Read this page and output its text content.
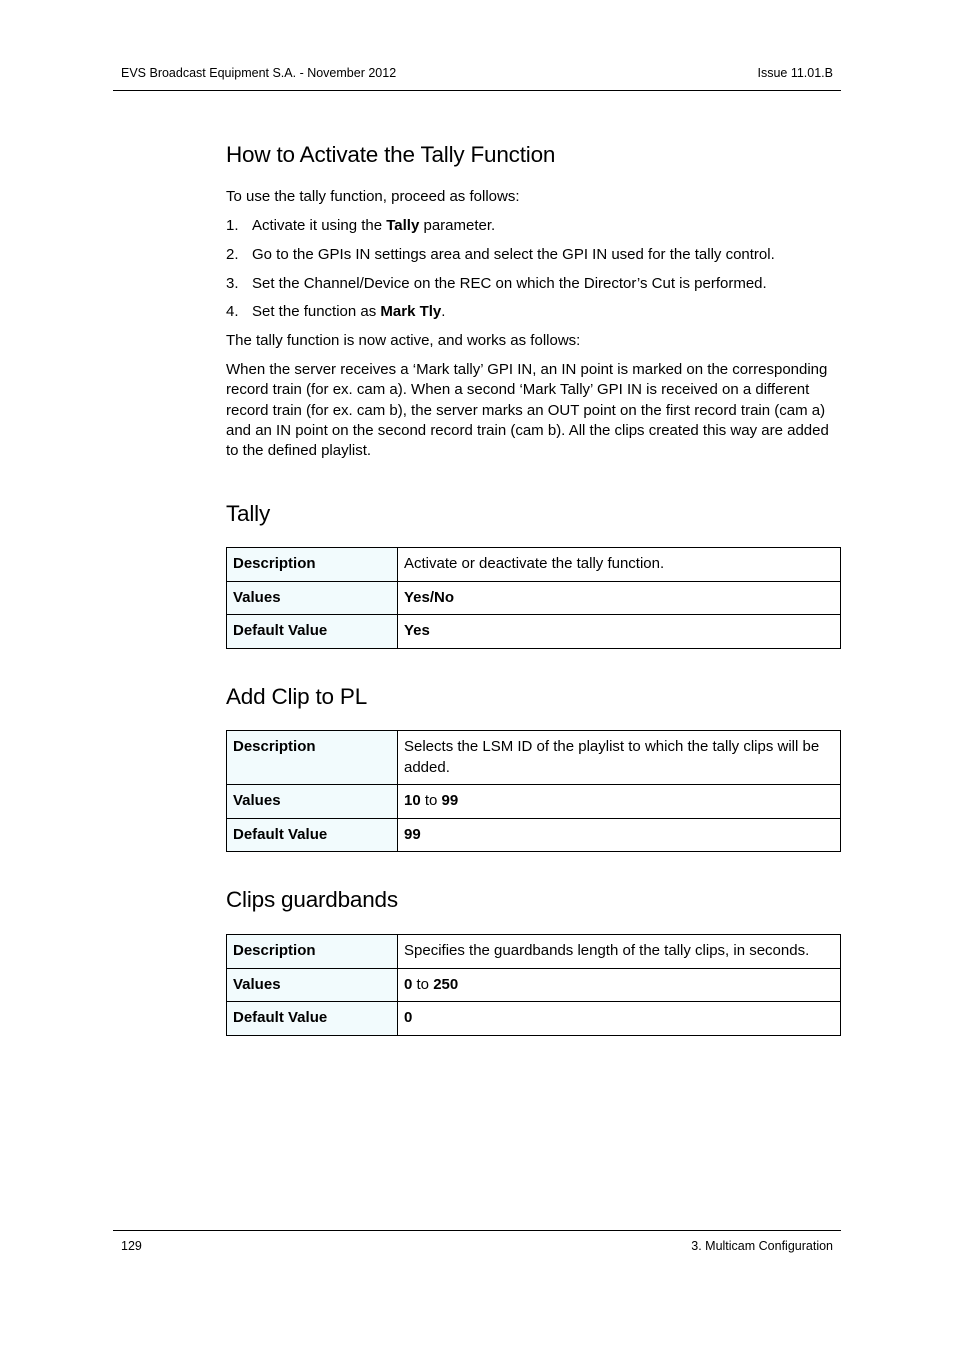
EVS Broadcast Equipment S.A. - November 2012	Issue 11.01.B
How to Activate the Tally Function

To use the tally function, proceed as follows:

1. Activate it using the Tally parameter.
2. Go to the GPIs IN settings area and select the GPI IN used for the tally control.
3. Set the Channel/Device on the REC on which the Director’s Cut is performed.
4. Set the function as Mark Tly.

The tally function is now active, and works as follows:

When the server receives a ‘Mark tally’ GPI IN, an IN point is marked on the corresponding record train (for ex. cam a). When a second ‘Mark Tally’ GPI IN is received on a different record train (for ex. cam b), the server marks an OUT point on the first record train (cam a) and an IN point on the second record train (cam b). All the clips created this way are added to the defined playlist.

Tally
Description	Activate or deactivate the tally function.
Values	Yes/No
Default Value	Yes
Add Clip to PL
Description	Selects the LSM ID of the playlist to which the tally clips will be added.
Values	10 to 99
Default Value	99
Clips guardbands
Description	Specifies the guardbands length of the tally clips, in seconds.
Values	0 to 250
Default Value	0
129	3. Multicam Configuration
